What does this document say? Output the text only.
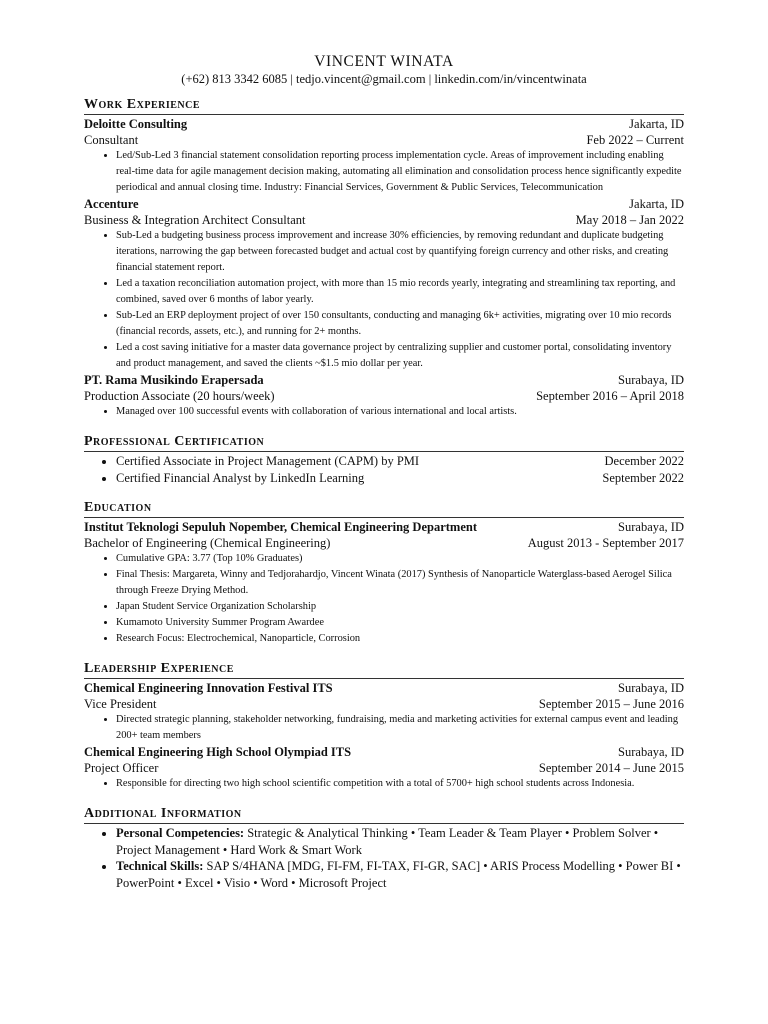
VINCENT WINATA
(+62) 813 3342 6085 | tedjo.vincent@gmail.com | linkedin.com/in/vincentwinata
Work Experience
Deloitte Consulting	Jakarta, ID
Consultant	Feb 2022 – Current
• Led/Sub-Led 3 financial statement consolidation reporting process implementation cycle. Areas of improvement including enabling real-time data for agile management decision making, automating all elimination and consolidation process hence significantly expedite periodical and annual closing time. Industry: Financial Services, Government & Public Services, Telecommunication
Accenture	Jakarta, ID
Business & Integration Architect Consultant	May 2018 – Jan 2022
• Sub-Led a budgeting business process improvement and increase 30% efficiencies, by removing redundant and duplicate budgeting iterations, narrowing the gap between forecasted budget and actual cost by quantifying foreign currency and other risks, and creating financial statement report.
• Led a taxation reconciliation automation project, with more than 15 mio records yearly, integrating and streamlining tax reporting, and combined, saved over 6 months of labor yearly.
• Sub-Led an ERP deployment project of over 150 consultants, conducting and managing 6k+ activities, migrating over 10 mio records (financial records, assets, etc.), and running for 2+ months.
• Led a cost saving initiative for a master data governance project by centralizing supplier and customer portal, consolidating inventory and product management, and saved the clients ~$1.5 mio dollar per year.
PT. Rama Musikindo Erapersada	Surabaya, ID
Production Associate (20 hours/week)	September 2016 – April 2018
• Managed over 100 successful events with collaboration of various international and local artists.
Professional Certification
• Certified Associate in Project Management (CAPM) by PMI	December 2022
• Certified Financial Analyst by LinkedIn Learning	September 2022
Education
Institut Teknologi Sepuluh Nopember, Chemical Engineering Department	Surabaya, ID
Bachelor of Engineering (Chemical Engineering)	August 2013 - September 2017
• Cumulative GPA: 3.77 (Top 10% Graduates)
• Final Thesis: Margareta, Winny and Tedjorahardjo, Vincent Winata (2017) Synthesis of Nanoparticle Waterglass-based Aerogel Silica through Freeze Drying Method.
• Japan Student Service Organization Scholarship
• Kumamoto University Summer Program Awardee
• Research Focus: Electrochemical, Nanoparticle, Corrosion
Leadership Experience
Chemical Engineering Innovation Festival ITS	Surabaya, ID
Vice President	September 2015 – June 2016
• Directed strategic planning, stakeholder networking, fundraising, media and marketing activities for external campus event and leading 200+ team members
Chemical Engineering High School Olympiad ITS	Surabaya, ID
Project Officer	September 2014 – June 2015
• Responsible for directing two high school scientific competition with a total of 5700+ high school students across Indonesia.
Additional Information
• Personal Competencies: Strategic & Analytical Thinking • Team Leader & Team Player • Problem Solver • Project Management • Hard Work & Smart Work
• Technical Skills: SAP S/4HANA [MDG, FI-FM, FI-TAX, FI-GR, SAC] • ARIS Process Modelling • Power BI • PowerPoint • Excel • Visio • Word • Microsoft Project
